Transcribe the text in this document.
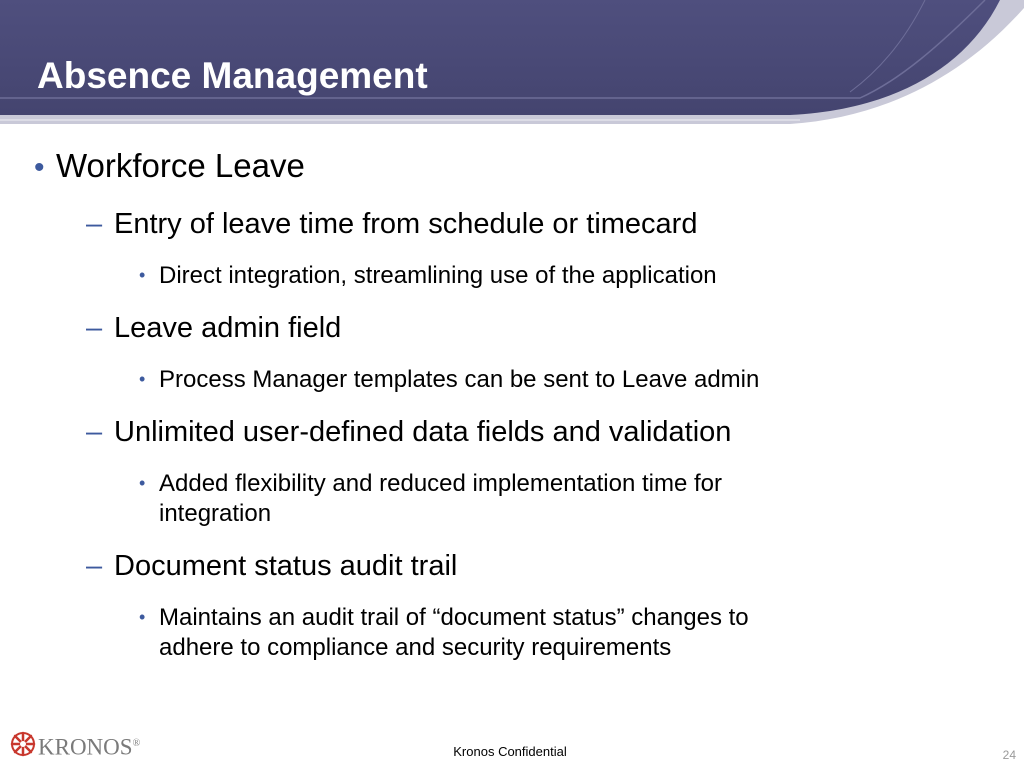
Absence Management
• Workforce Leave
– Entry of leave time from schedule or timecard
• Direct integration, streamlining use of the application
– Leave admin field
• Process Manager templates can be sent to Leave admin
– Unlimited user-defined data fields and validation
• Added flexibility and reduced implementation time for
integration
– Document status audit trail
• Maintains an audit trail of “document status” changes to
adhere to compliance and security requirements
KRONOS®
Kronos Confidential	24
